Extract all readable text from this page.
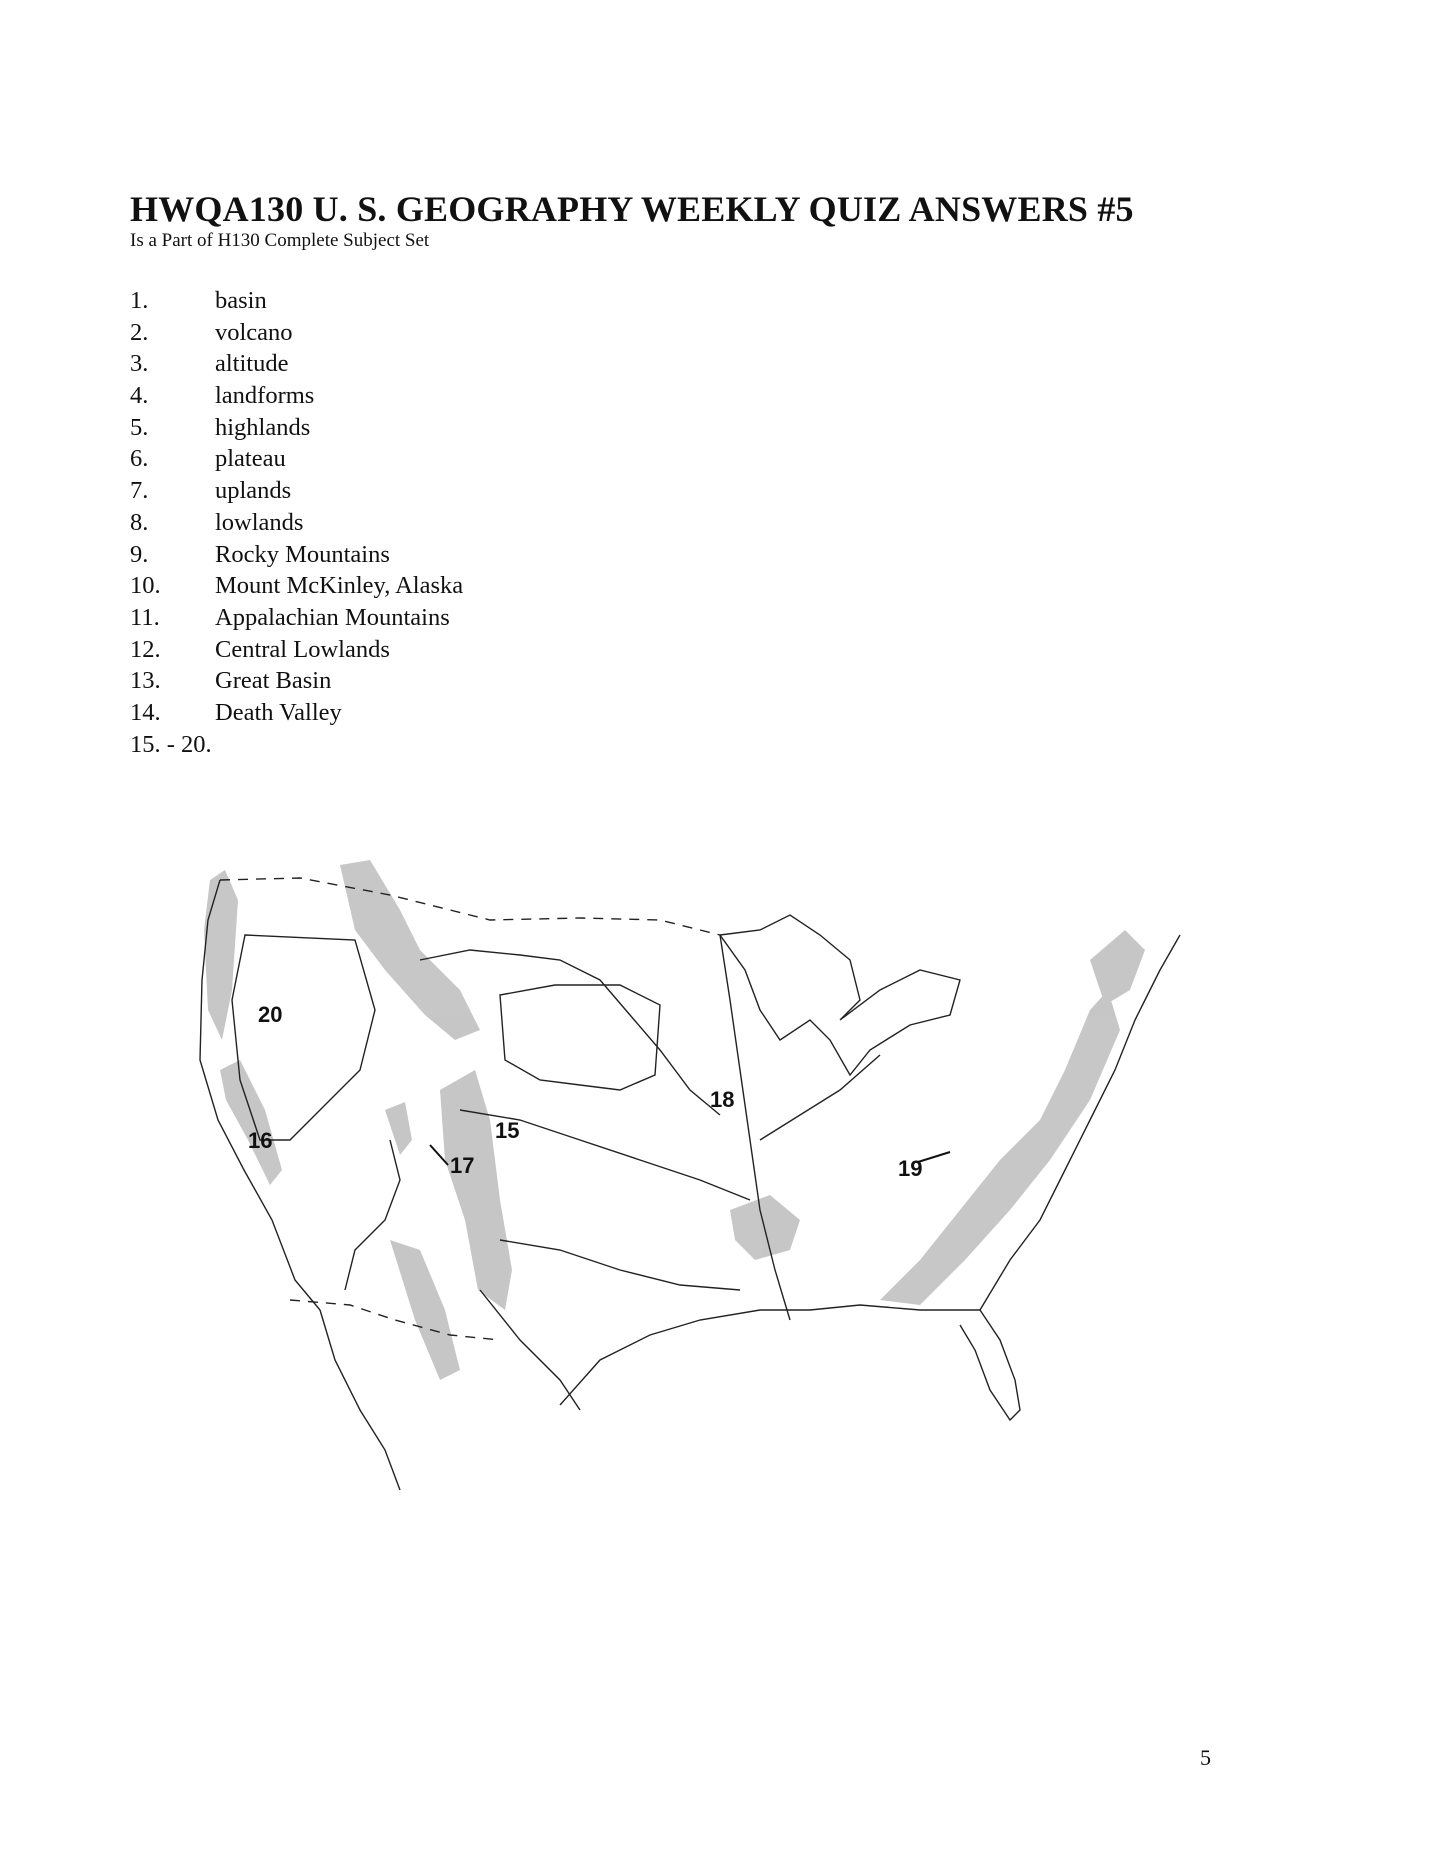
HWQA130 U. S. GEOGRAPHY WEEKLY QUIZ ANSWERS #5
Is a Part of H130 Complete Subject Set
1.	basin
2.	volcano
3.	altitude
4.	landforms
5.	highlands
6.	plateau
7.	uplands
8.	lowlands
9.	Rocky Mountains
10. Mount McKinley, Alaska
11. Appalachian Mountains
12. Central Lowlands
13. Great Basin
14. Death Valley
15. - 20.
15
16
17
18
19
20
5
